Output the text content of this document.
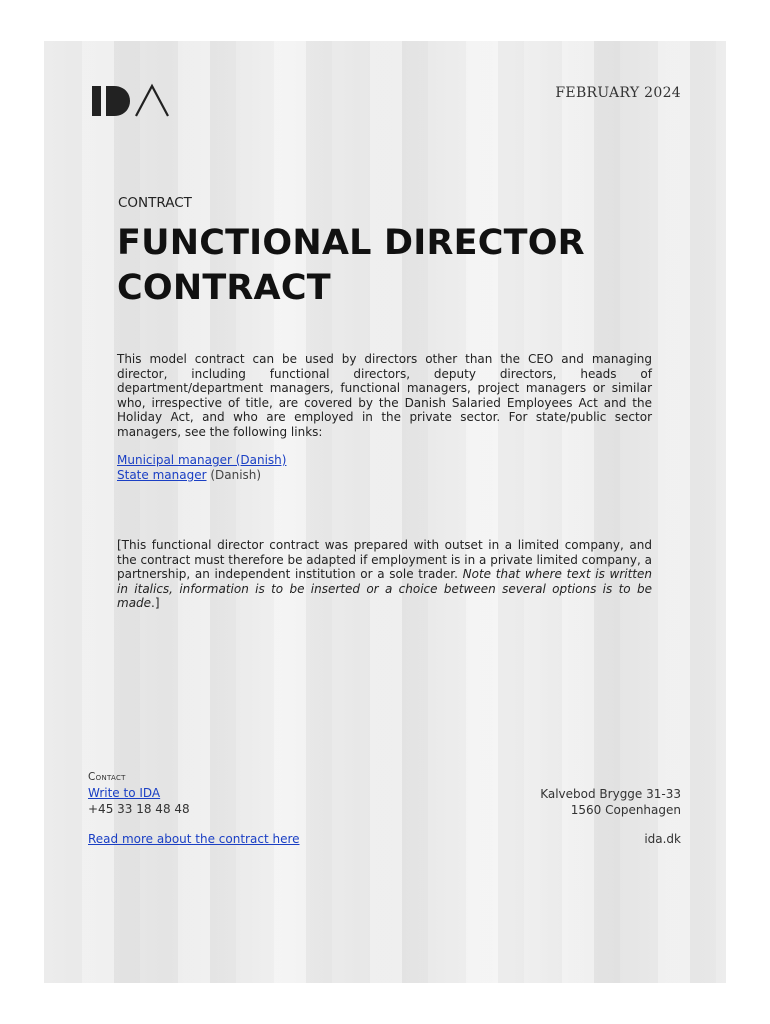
FEBRUARY 2024
CONTRACT
FUNCTIONAL DIRECTOR
CONTRACT
This model contract can be used by directors other than the CEO and managing director, including functional directors, deputy directors, heads of department/department managers, functional managers, project managers or similar who, irrespective of title, are covered by the Danish Salaried Employees Act and the Holiday Act, and who are employed in the private sector. For state/public sector managers, see the following links:
Municipal manager (Danish)
State manager (Danish)
[This functional director contract was prepared with outset in a limited company, and the contract must therefore be adapted if employment is in a private limited company, a partnership, an independent institution or a sole trader. Note that where text is written in italics, information is to be inserted or a choice between several options is to be made.]
Contact
Write to IDA
+45 33 18 48 48
Kalvebod Brygge 31-33
1560 Copenhagen
Read more about the contract here	ida.dk
